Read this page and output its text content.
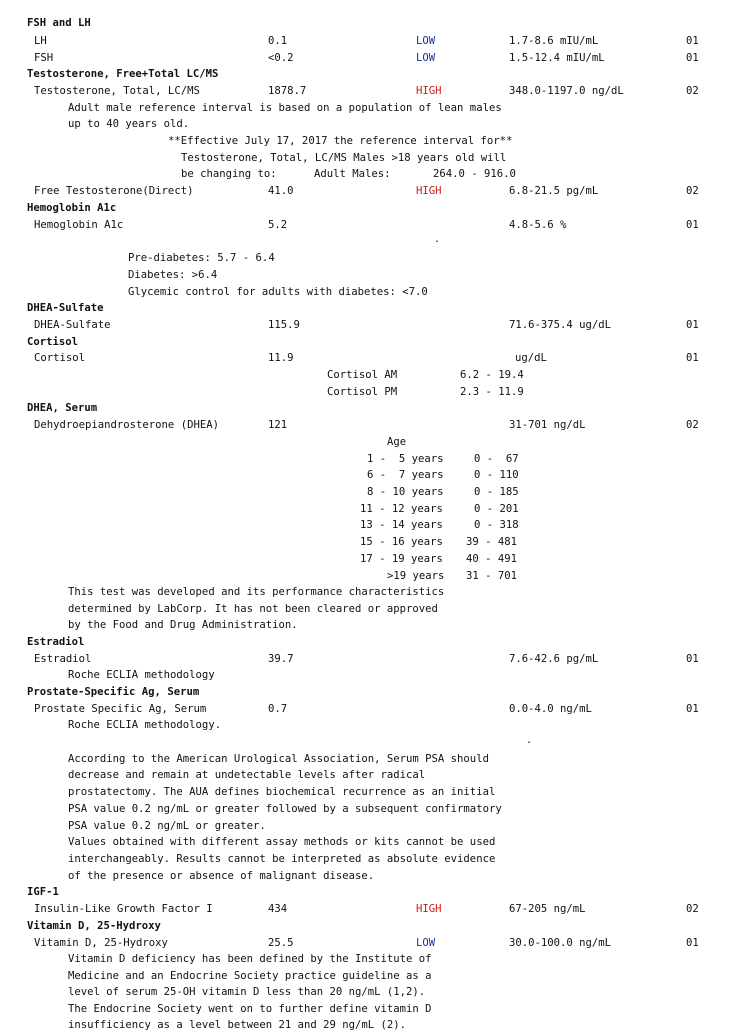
FSH and LH
LH	0.1	LOW	1.7-8.6 mIU/mL	01
FSH	<0.2	LOW	1.5-12.4 mIU/mL	01
Testosterone, Free+Total LC/MS
Testosterone, Total, LC/MS	1878.7	HIGH	348.0-1197.0 ng/dL	02
Adult male reference interval is based on a population of lean males
up to 40 years old.
**Effective July 17, 2017 the reference interval for**
Testosterone, Total, LC/MS Males >18 years old will
be changing to:	Adult Males:	264.0 - 916.0
Free Testosterone(Direct)	41.0	HIGH	6.8-21.5 pg/mL	02
Hemoglobin A1c
Hemoglobin A1c	5.2	4.8-5.6 %	01
.
Pre-diabetes: 5.7 - 6.4
Diabetes: >6.4
Glycemic control for adults with diabetes: <7.0
DHEA-Sulfate
DHEA-Sulfate	115.9	71.6-375.4 ug/dL	01
Cortisol
Cortisol	11.9	ug/dL	01
Cortisol AM	6.2 - 19.4
Cortisol PM	2.3 - 11.9
DHEA, Serum
Dehydroepiandrosterone (DHEA)	121	31-701 ng/dL	02
Age
1 -  5 years	0 -  67
6 -  7 years	0 - 110
8 - 10 years	0 - 185
11 - 12 years	0 - 201
13 - 14 years	0 - 318
15 - 16 years 39 - 481
17 - 19 years 40 - 491
>19 years 31 - 701
This test was developed and its performance characteristics
determined by LabCorp. It has not been cleared or approved
by the Food and Drug Administration.
Estradiol
Estradiol	39.7	7.6-42.6 pg/mL	01
Roche ECLIA methodology
Prostate-Specific Ag, Serum
Prostate Specific Ag, Serum	0.7	0.0-4.0 ng/mL	01
Roche ECLIA methodology.
.
According to the American Urological Association, Serum PSA should
decrease and remain at undetectable levels after radical
prostatectomy. The AUA defines biochemical recurrence as an initial
PSA value 0.2 ng/mL or greater followed by a subsequent confirmatory
PSA value 0.2 ng/mL or greater.
Values obtained with different assay methods or kits cannot be used
interchangeably. Results cannot be interpreted as absolute evidence
of the presence or absence of malignant disease.
IGF-1
Insulin-Like Growth Factor I	434	HIGH	67-205 ng/mL	02
Vitamin D, 25-Hydroxy
Vitamin D, 25-Hydroxy	25.5	LOW	30.0-100.0 ng/mL	01
Vitamin D deficiency has been defined by the Institute of
Medicine and an Endocrine Society practice guideline as a
level of serum 25-OH vitamin D less than 20 ng/mL (1,2).
The Endocrine Society went on to further define vitamin D
insufficiency as a level between 21 and 29 ng/mL (2).
